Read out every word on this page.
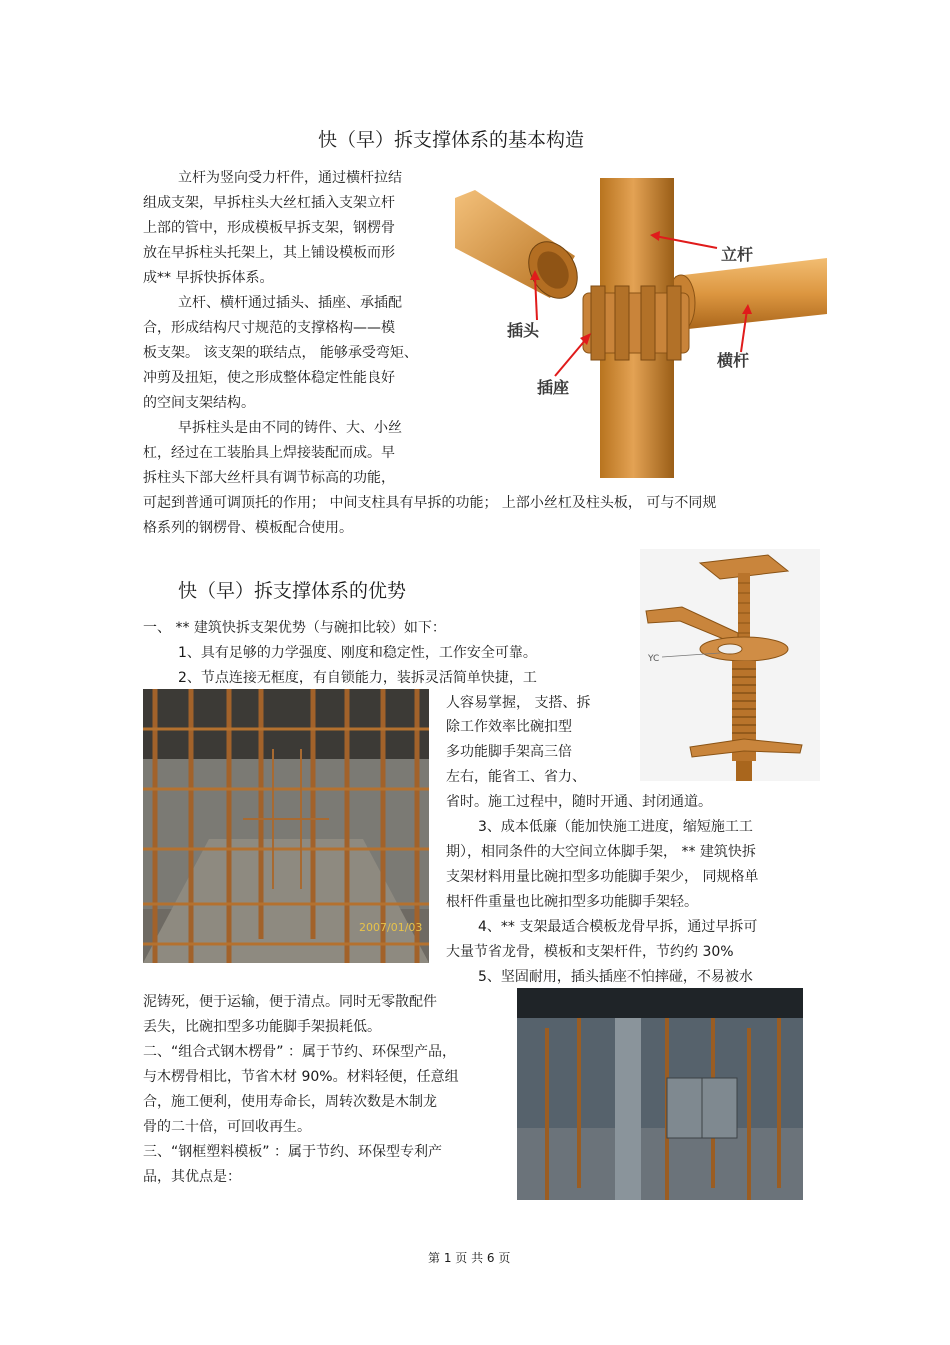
快（早）拆支撑体系的基本构造
立杆为竖向受力杆件，通过横杆拉结
组成支架，早拆柱头大丝杠插入支架立杆
上部的管中，形成模板早拆支架，钢楞骨
放在早拆柱头托架上，其上铺设模板而形
成** 早拆快拆体系。
立杆、横杆通过插头、插座、承插配
合，形成结构尺寸规范的支撑格构——模
板支架。 该支架的联结点， 能够承受弯矩、
冲剪及扭矩，使之形成整体稳定性能良好
的空间支架结构。
早拆柱头是由不同的铸件、大、小丝
杠，经过在工装胎具上焊接装配而成。早
拆柱头下部大丝杆具有调节标高的功能，
可起到普通可调顶托的作用； 中间支柱具有早拆的功能； 上部小丝杠及柱头板， 可与不同规
格系列的钢楞骨、模板配合使用。
立杆
插头
插座
横杆
快（早）拆支撑体系的优势
一、 ** 建筑快拆支架优势（与碗扣比较）如下：
1、具有足够的力学强度、刚度和稳定性，工作安全可靠。
2、节点连接无框度，有自锁能力，装拆灵活简单快捷，工
人容易掌握， 支搭、拆
除工作效率比碗扣型
多功能脚手架高三倍
左右，能省工、省力、
省时。施工过程中，随时开通、封闭通道。
3、成本低廉（能加快施工进度，缩短施工工
期），相同条件的大空间立体脚手架， ** 建筑快拆
支架材料用量比碗扣型多功能脚手架少， 同规格单
根杆件重量也比碗扣型多功能脚手架轻。
4、** 支架最适合模板龙骨早拆，通过早拆可
大量节省龙骨，模板和支架杆件，节约约 30%
5、坚固耐用，插头插座不怕摔碰，不易被水
泥铸死，便于运输，便于清点。同时无零散配件
丢失，比碗扣型多功能脚手架损耗低。
二、“组合式钢木楞骨” ：属于节约、环保型产品，
与木楞骨相比，节省木材 90%。材料轻便，任意组
合，施工便利，使用寿命长，周转次数是木制龙
骨的二十倍，可回收再生。
三、“钢框塑料模板” ：属于节约、环保型专利产
品，其优点是：
YC
2007/01/03
第 1 页 共 6 页
